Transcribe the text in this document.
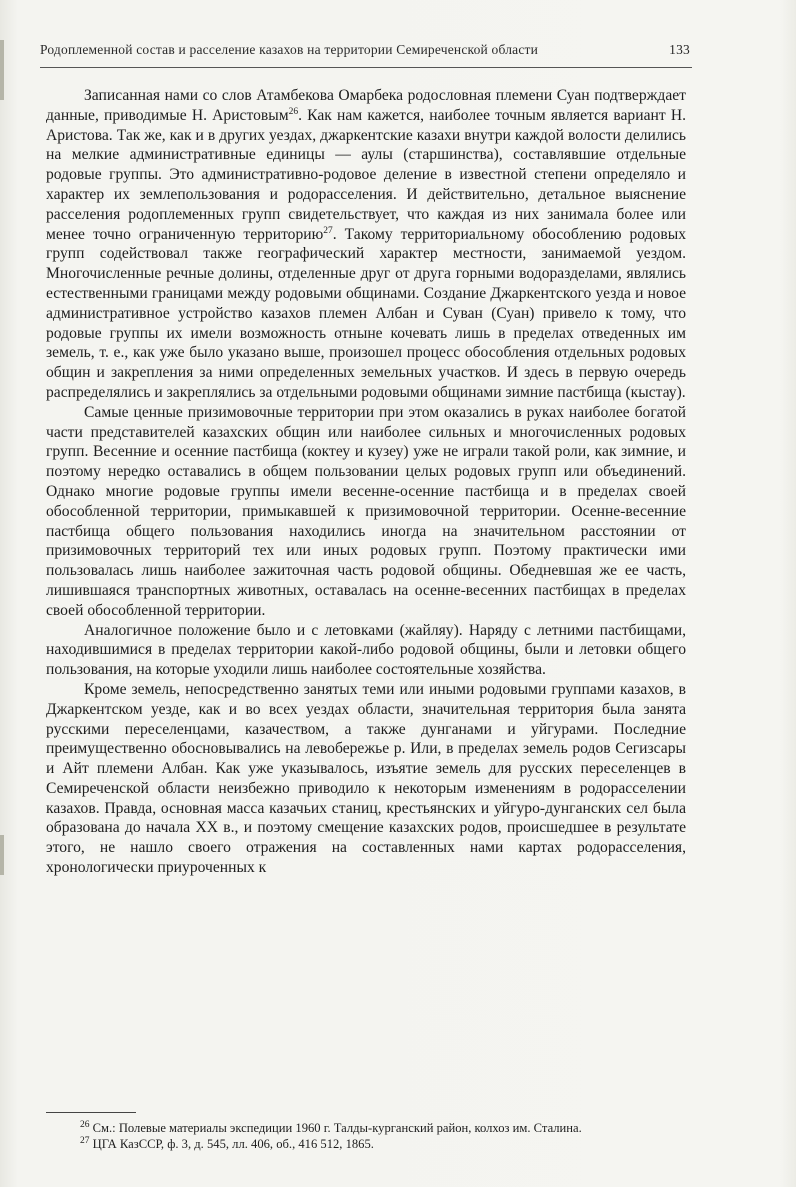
Родоплеменной состав и расселение казахов на территории Семиреченской области	133

Записанная нами со слов Атамбекова Омарбека родословная племени Суан подтверждает данные, приводимые Н. Аристовым$^{26}$. Как нам кажется, наиболее точным является вариант Н. Аристова. Так же, как и в других уездах, джаркентские казахи внутри каждой волости делились на мелкие административные единицы — аулы (старшинства), составлявшие отдельные родовые группы. Это административно-родовое деление в известной степени определяло и характер их землепользования и родорасселения. И действительно, детальное выяснение расселения родоплеменных групп свидетельствует, что каждая из них занимала более или менее точно ограниченную территорию$^{27}$. Такому территориальному обособлению родовых групп содействовал также географический характер местности, занимаемой уездом. Многочисленные речные долины, отделенные друг от друга горными водоразделами, являлись естественными границами между родовыми общинами. Создание Джаркентского уезда и новое административное устройство казахов племен Албан и Суван (Суан) привело к тому, что родовые группы их имели возможность отныне кочевать лишь в пределах отведенных им земель, т. е., как уже было указано выше, произошел процесс обособления отдельных родовых общин и закрепления за ними определенных земельных участков. И здесь в первую очередь распределялись и закреплялись за отдельными родовыми общинами зимние пастбища (кыстау).

Самые ценные призимовочные территории при этом оказались в руках наиболее богатой части представителей казахских общин или наиболее сильных и многочисленных родовых групп. Весенние и осенние пастбища (коктеу и кузеу) уже не играли такой роли, как зимние, и поэтому нередко оставались в общем пользовании целых родовых групп или объединений. Однако многие родовые группы имели весенне-осенние пастбища и в пределах своей обособленной территории, примыкавшей к призимовочной территории. Осенне-весенние пастбища общего пользования находились иногда на значительном расстоянии от призимовочных территорий тех или иных родовых групп. Поэтому практически ими пользовалась лишь наиболее зажиточная часть родовой общины. Обедневшая же ее часть, лишившаяся транспортных животных, оставалась на осенне-весенних пастбищах в пределах своей обособленной территории.

Аналогичное положение было и с летовками (жайляу). Наряду с летними пастбищами, находившимися в пределах территории какой-либо родовой общины, были и летовки общего пользования, на которые уходили лишь наиболее состоятельные хозяйства.

Кроме земель, непосредственно занятых теми или иными родовыми группами казахов, в Джаркентском уезде, как и во всех уездах области, значительная территория была занята русскими переселенцами, казачеством, а также дунганами и уйгурами. Последние преимущественно обосновывались на левобережье р. Или, в пределах земель родов Сегизсары и Айт племени Албан. Как уже указывалось, изъятие земель для русских переселенцев в Семиреченской области неизбежно приводило к некоторым изменениям в родорасселении казахов. Правда, основная масса казачьих станиц, крестьянских и уйгуро-дунганских сел была образована до начала XX в., и поэтому смещение казахских родов, происшедшее в результате этого, не нашло своего отражения на составленных нами картах родорасселения, хронологически приуроченных к

$^{26}$ См.: Полевые материалы экспедиции 1960 г. Талды-курганский район, колхоз им. Сталина.

$^{27}$ ЦГА КазССР, ф. 3, д. 545, лл. 406, об., 416 512, 1865.
